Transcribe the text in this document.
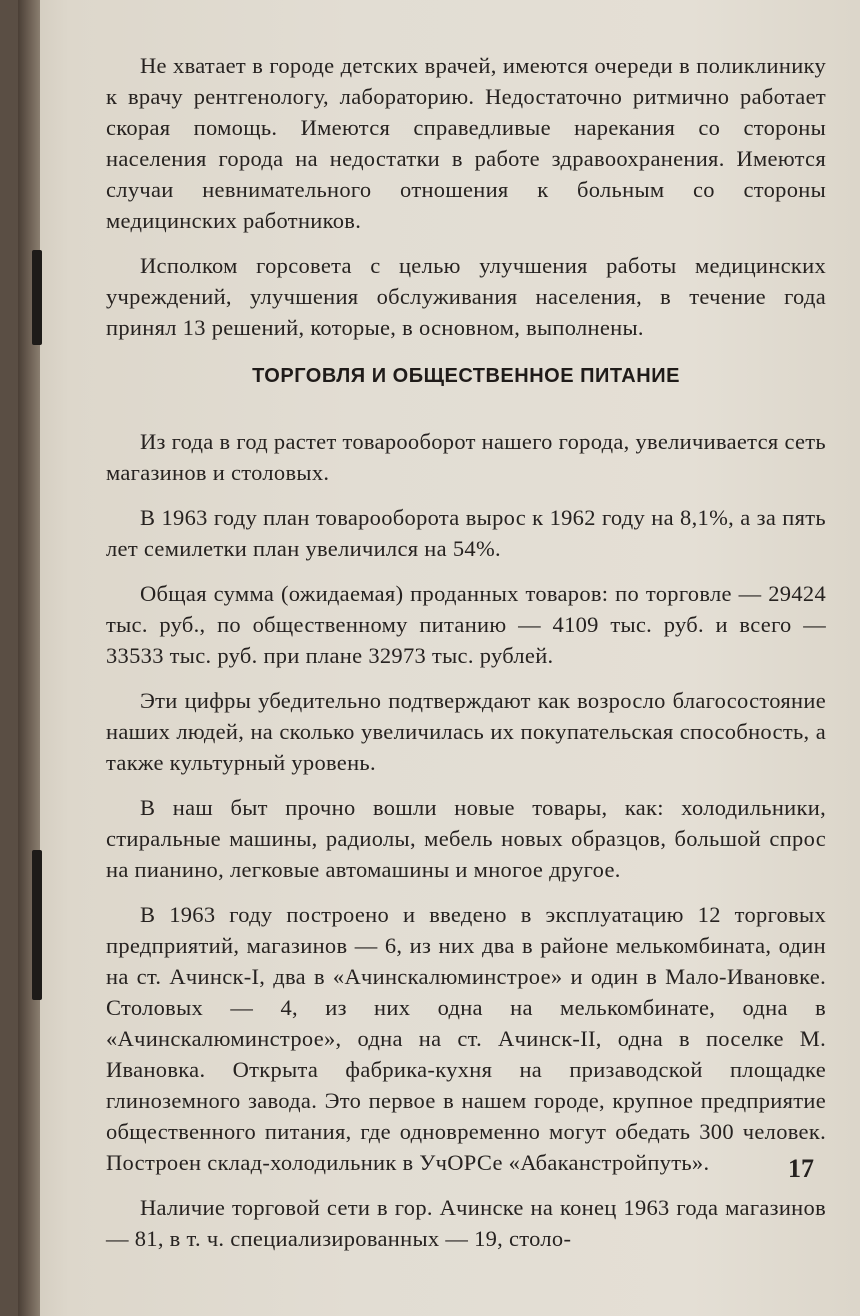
Не хватает в городе детских врачей, имеются очереди в поликлинику к врачу рентгенологу, лабораторию. Недостаточно ритмично работает скорая помощь. Имеются справедливые нарекания со стороны населения города на недостатки в работе здравоохранения. Имеются случаи невнимательного отношения к больным со стороны медицинских работников.

Исполком горсовета с целью улучшения работы медицинских учреждений, улучшения обслуживания населения, в течение года принял 13 решений, которые, в основном, выполнены.

ТОРГОВЛЯ И ОБЩЕСТВЕННОЕ ПИТАНИЕ

Из года в год растет товарооборот нашего города, увеличивается сеть магазинов и столовых.

В 1963 году план товарооборота вырос к 1962 году на 8,1%, а за пять лет семилетки план увеличился на 54%.

Общая сумма (ожидаемая) проданных товаров: по торговле — 29424 тыс. руб., по общественному питанию — 4109 тыс. руб. и всего — 33533 тыс. руб. при плане 32973 тыс. рублей.

Эти цифры убедительно подтверждают как возросло благосостояние наших людей, на сколько увеличилась их покупательская способность, а также культурный уровень.

В наш быт прочно вошли новые товары, как: холодильники, стиральные машины, радиолы, мебель новых образцов, большой спрос на пианино, легковые автомашины и многое другое.

В 1963 году построено и введено в эксплуатацию 12 торговых предприятий, магазинов — 6, из них два в районе мелькомбината, один на ст. Ачинск-I, два в «Ачинскалюминстрое» и один в Мало-Ивановке. Столовых — 4, из них одна на мелькомбинате, одна в «Ачинскалюминстрое», одна на ст. Ачинск-II, одна в поселке М. Ивановка. Открыта фабрика-кухня на призаводской площадке глиноземного завода. Это первое в нашем городе, крупное предприятие общественного питания, где одновременно могут обедать 300 человек. Построен склад-холодильник в УчОРСе «Абаканстройпуть».

Наличие торговой сети в гор. Ачинске на конец 1963 года магазинов — 81, в т. ч. специализированных — 19, столо-

17
